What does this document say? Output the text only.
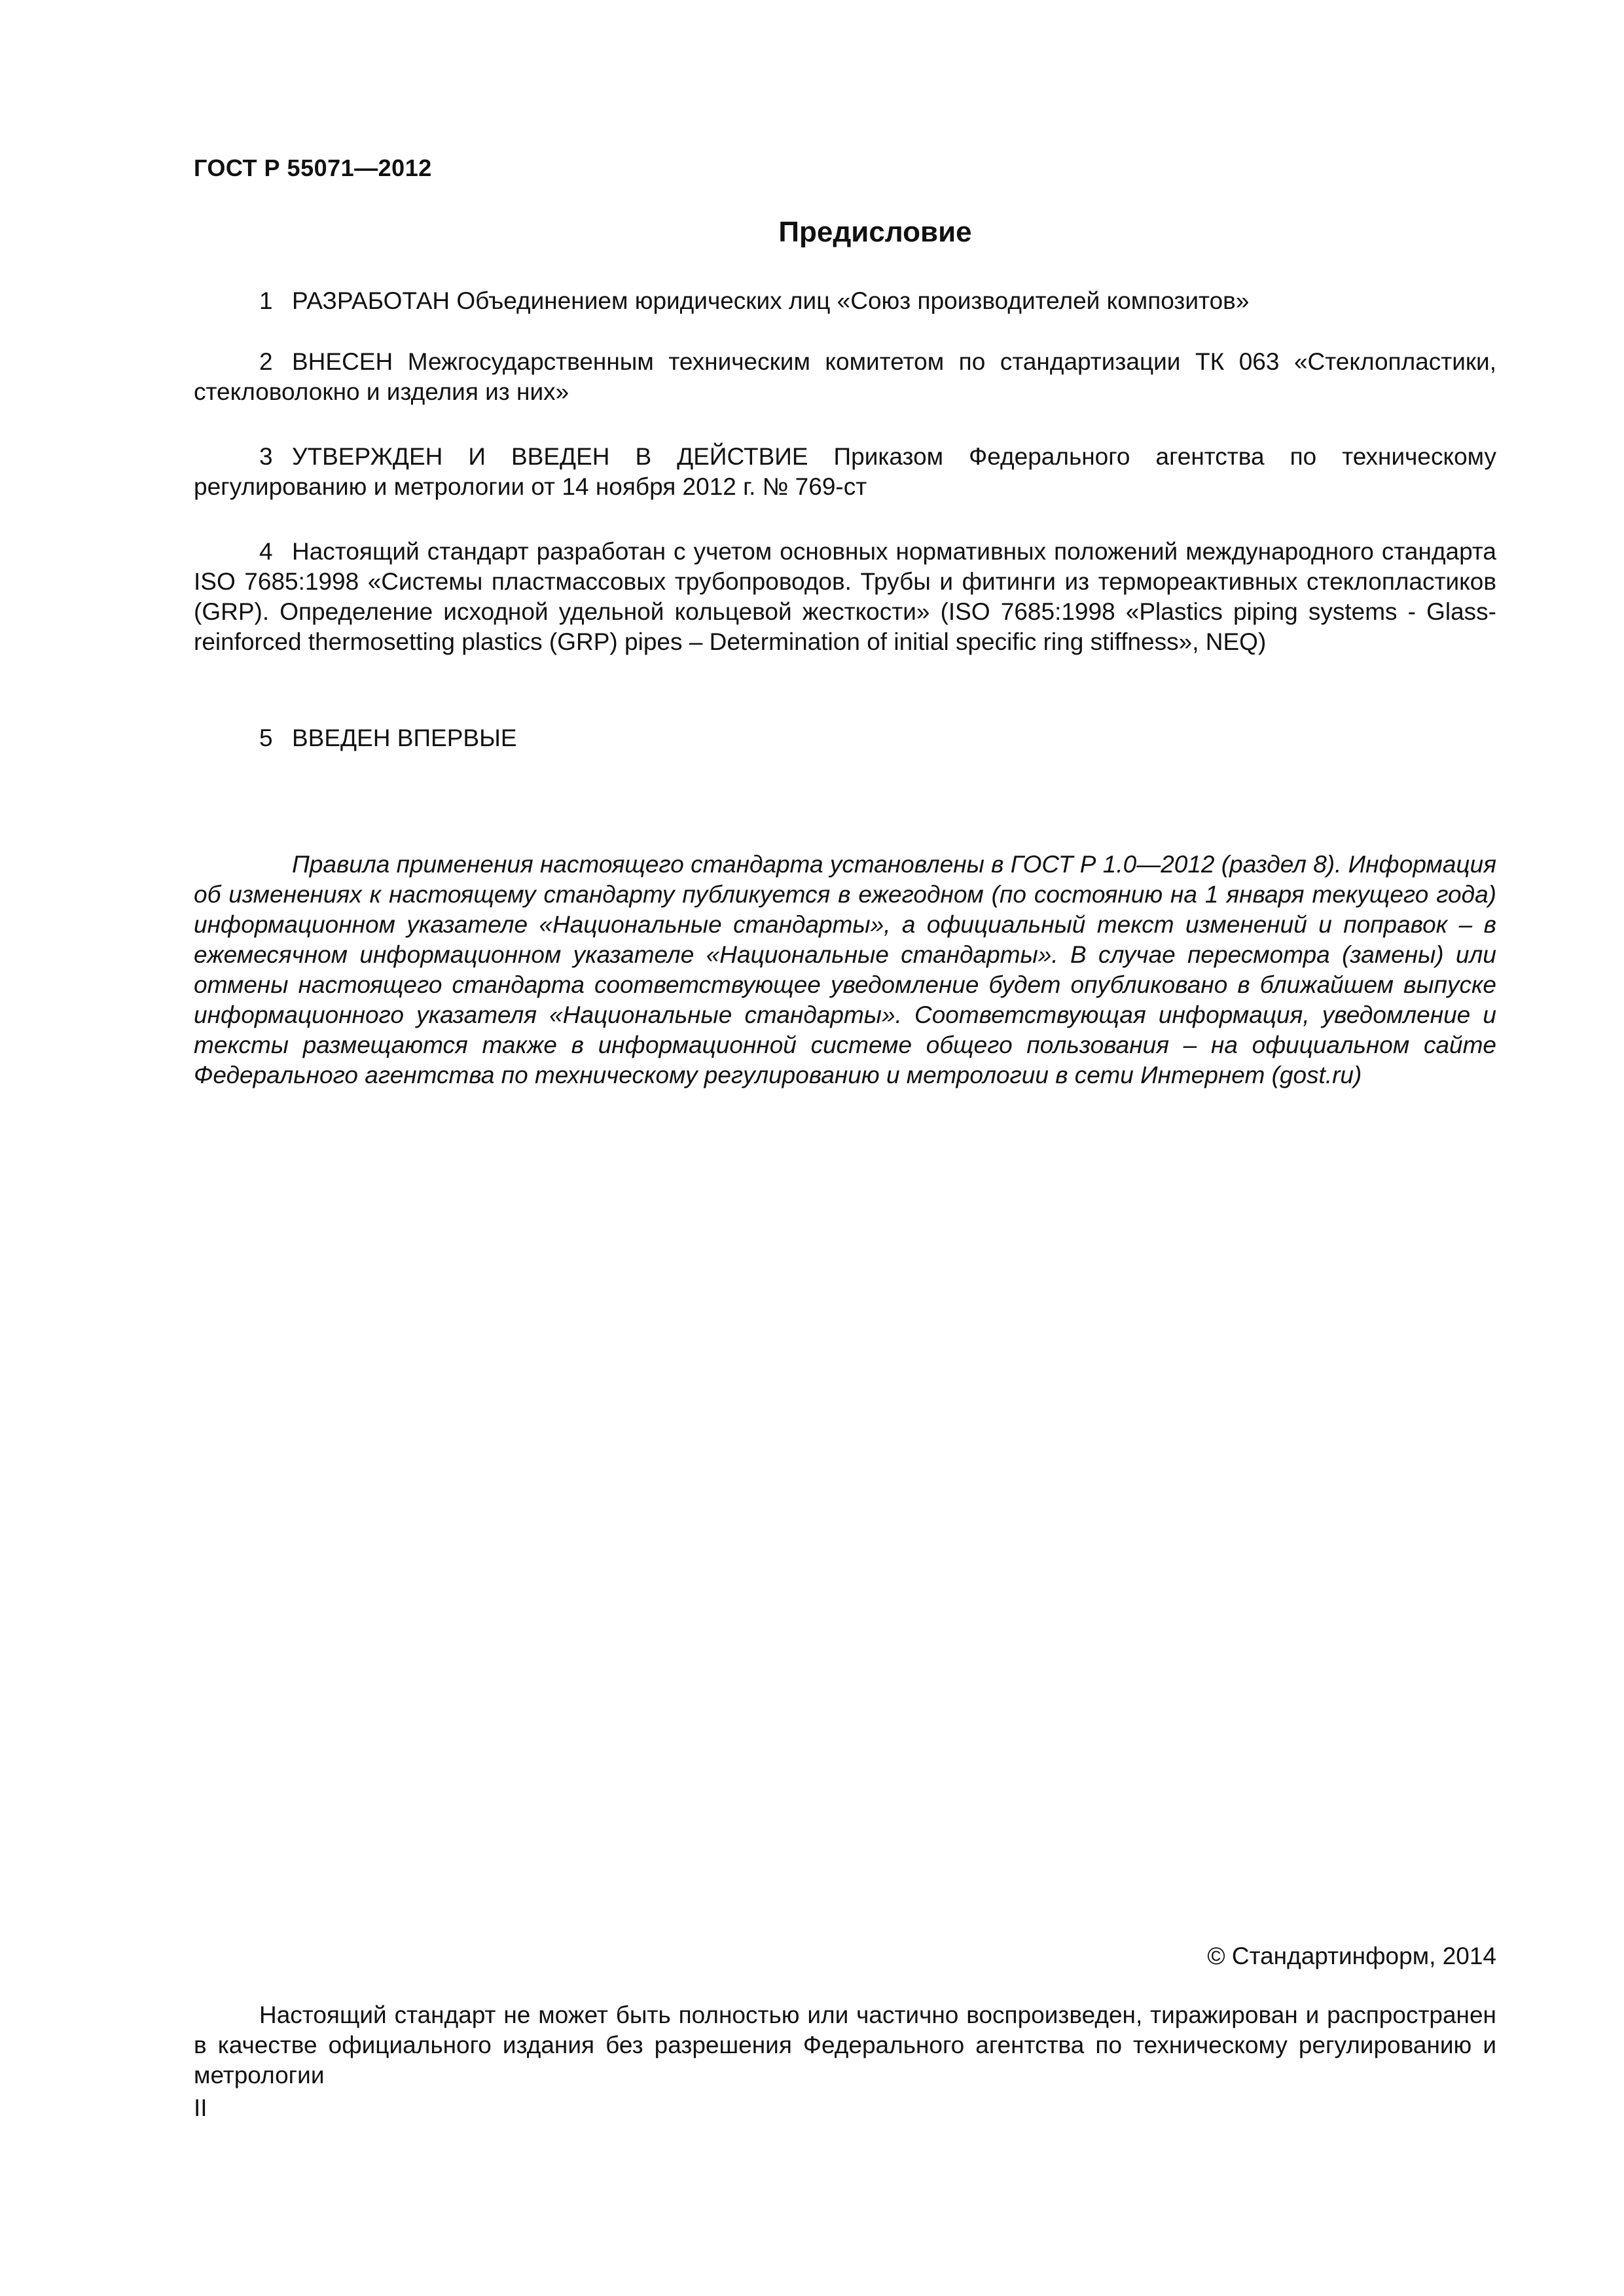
ГОСТ Р 55071—2012
Предисловие
1 РАЗРАБОТАН Объединением юридических лиц «Союз производителей композитов»
2 ВНЕСЕН Межгосударственным техническим комитетом по стандартизации ТК 063 «Стеклопластики, стекловолокно и изделия из них»
3 УТВЕРЖДЕН И ВВЕДЕН В ДЕЙСТВИЕ Приказом Федерального агентства по техническому регулированию и метрологии от 14 ноября 2012 г. № 769-ст
4 Настоящий стандарт разработан с учетом основных нормативных положений международного стандарта ISO 7685:1998 «Системы пластмассовых трубопроводов. Трубы и фитинги из термореактивных стеклопластиков (GRP). Определение исходной удельной кольцевой жесткости» (ISO 7685:1998 «Plastics piping systems - Glass-reinforced thermosetting plastics (GRP) pipes – Determination of initial specific ring stiffness», NEQ)
5 ВВЕДЕН ВПЕРВЫЕ
Правила применения настоящего стандарта установлены в ГОСТ Р 1.0—2012 (раздел 8). Информация об изменениях к настоящему стандарту публикуется в ежегодном (по состоянию на 1 января текущего года) информационном указателе «Национальные стандарты», а официальный текст изменений и поправок – в ежемесячном информационном указателе «Национальные стандарты». В случае пересмотра (замены) или отмены настоящего стандарта соответствующее уведомление будет опубликовано в ближайшем выпуске информационного указателя «Национальные стандарты». Соответствующая информация, уведомление и тексты размещаются также в информационной системе общего пользования – на официальном сайте Федерального агентства по техническому регулированию и метрологии в сети Интернет (gost.ru)
© Стандартинформ, 2014
Настоящий стандарт не может быть полностью или частично воспроизведен, тиражирован и распространен в качестве официального издания без разрешения Федерального агентства по техническому регулированию и метрологии
II
